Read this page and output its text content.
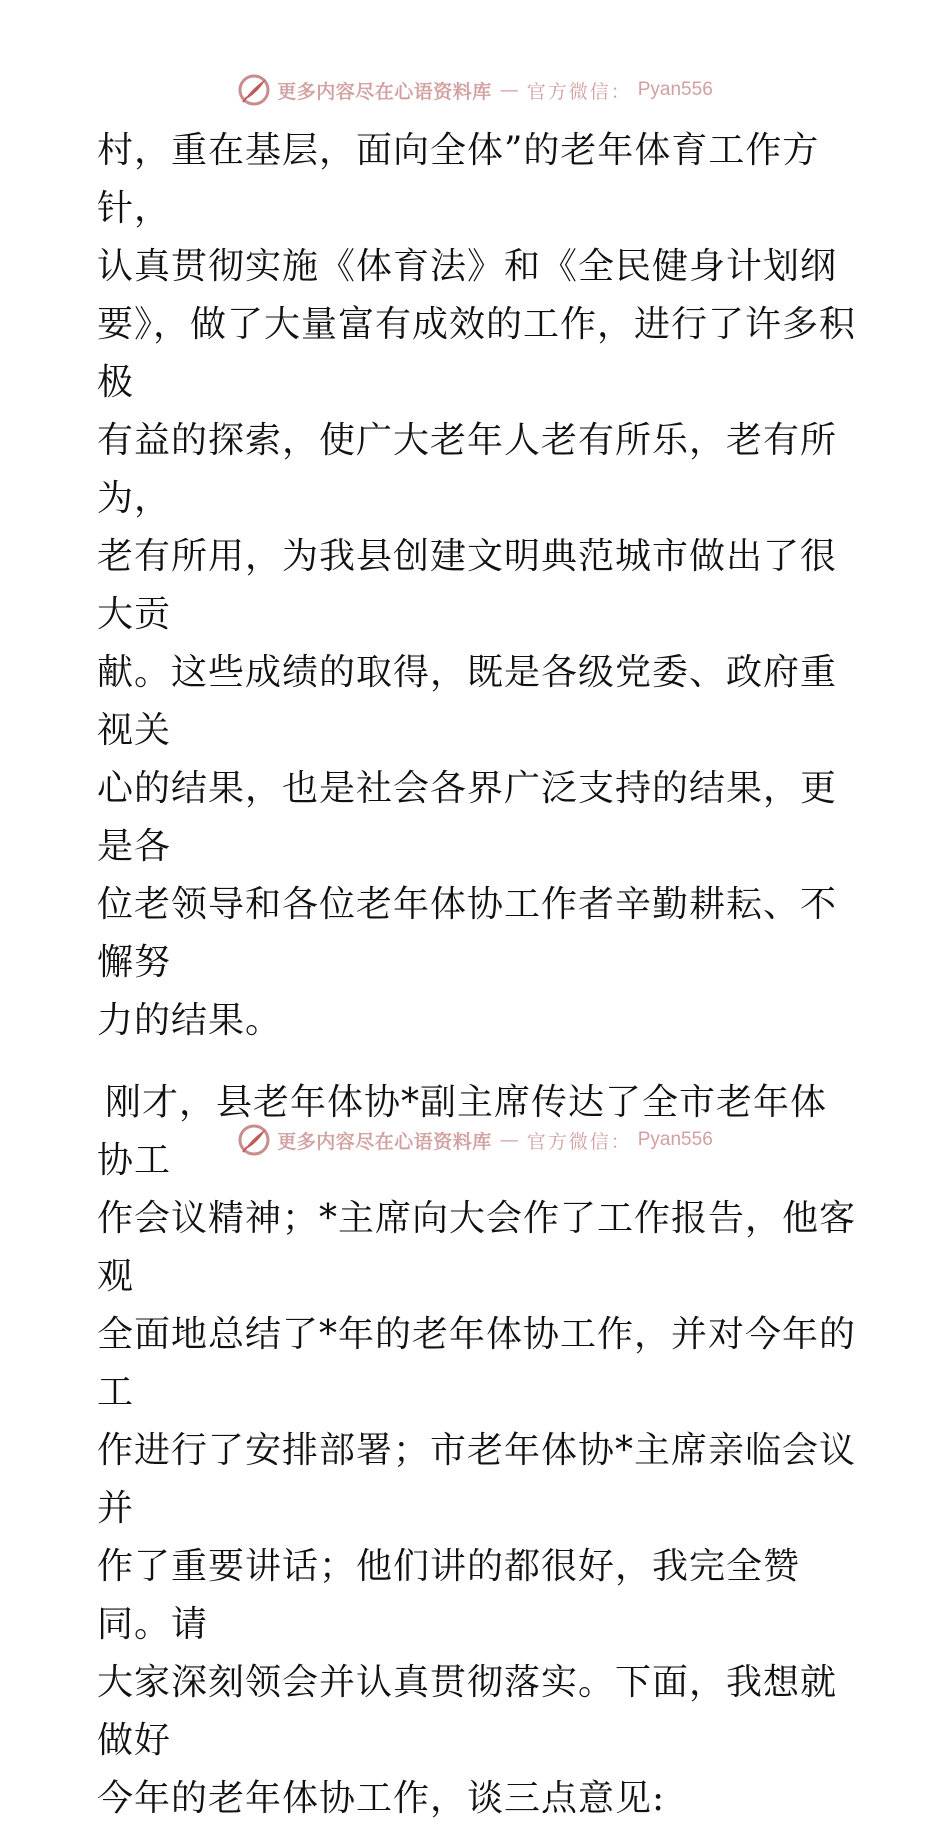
更多内容尽在心语资料库 — 官方微信： Pyan556

村，重在基层，面向全体”的老年体育工作方针，
认真贯彻实施《体育法》和《全民健身计划纲
要》，做了大量富有成效的工作，进行了许多积极
有益的探索，使广大老年人老有所乐，老有所为，
老有所用，为我县创建文明典范城市做出了很大贡
献。这些成绩的取得，既是各级党委、政府重视关
心的结果，也是社会各界广泛支持的结果，更是各
位老领导和各位老年体协工作者辛勤耕耘、不懈努
力的结果。

刚才，县老年体协*副主席传达了全市老年体协工
作会议精神；*主席向大会作了工作报告，他客观
全面地总结了*年的老年体协工作，并对今年的工
作进行了安排部署；市老年体协*主席亲临会议并
作了重要讲话；他们讲的都很好，我完全赞同。请
大家深刻领会并认真贯彻落实。下面，我想就做好
今年的老年体协工作，谈三点意见:

更多内容尽在心语资料库 — 官方微信： Pyan556
